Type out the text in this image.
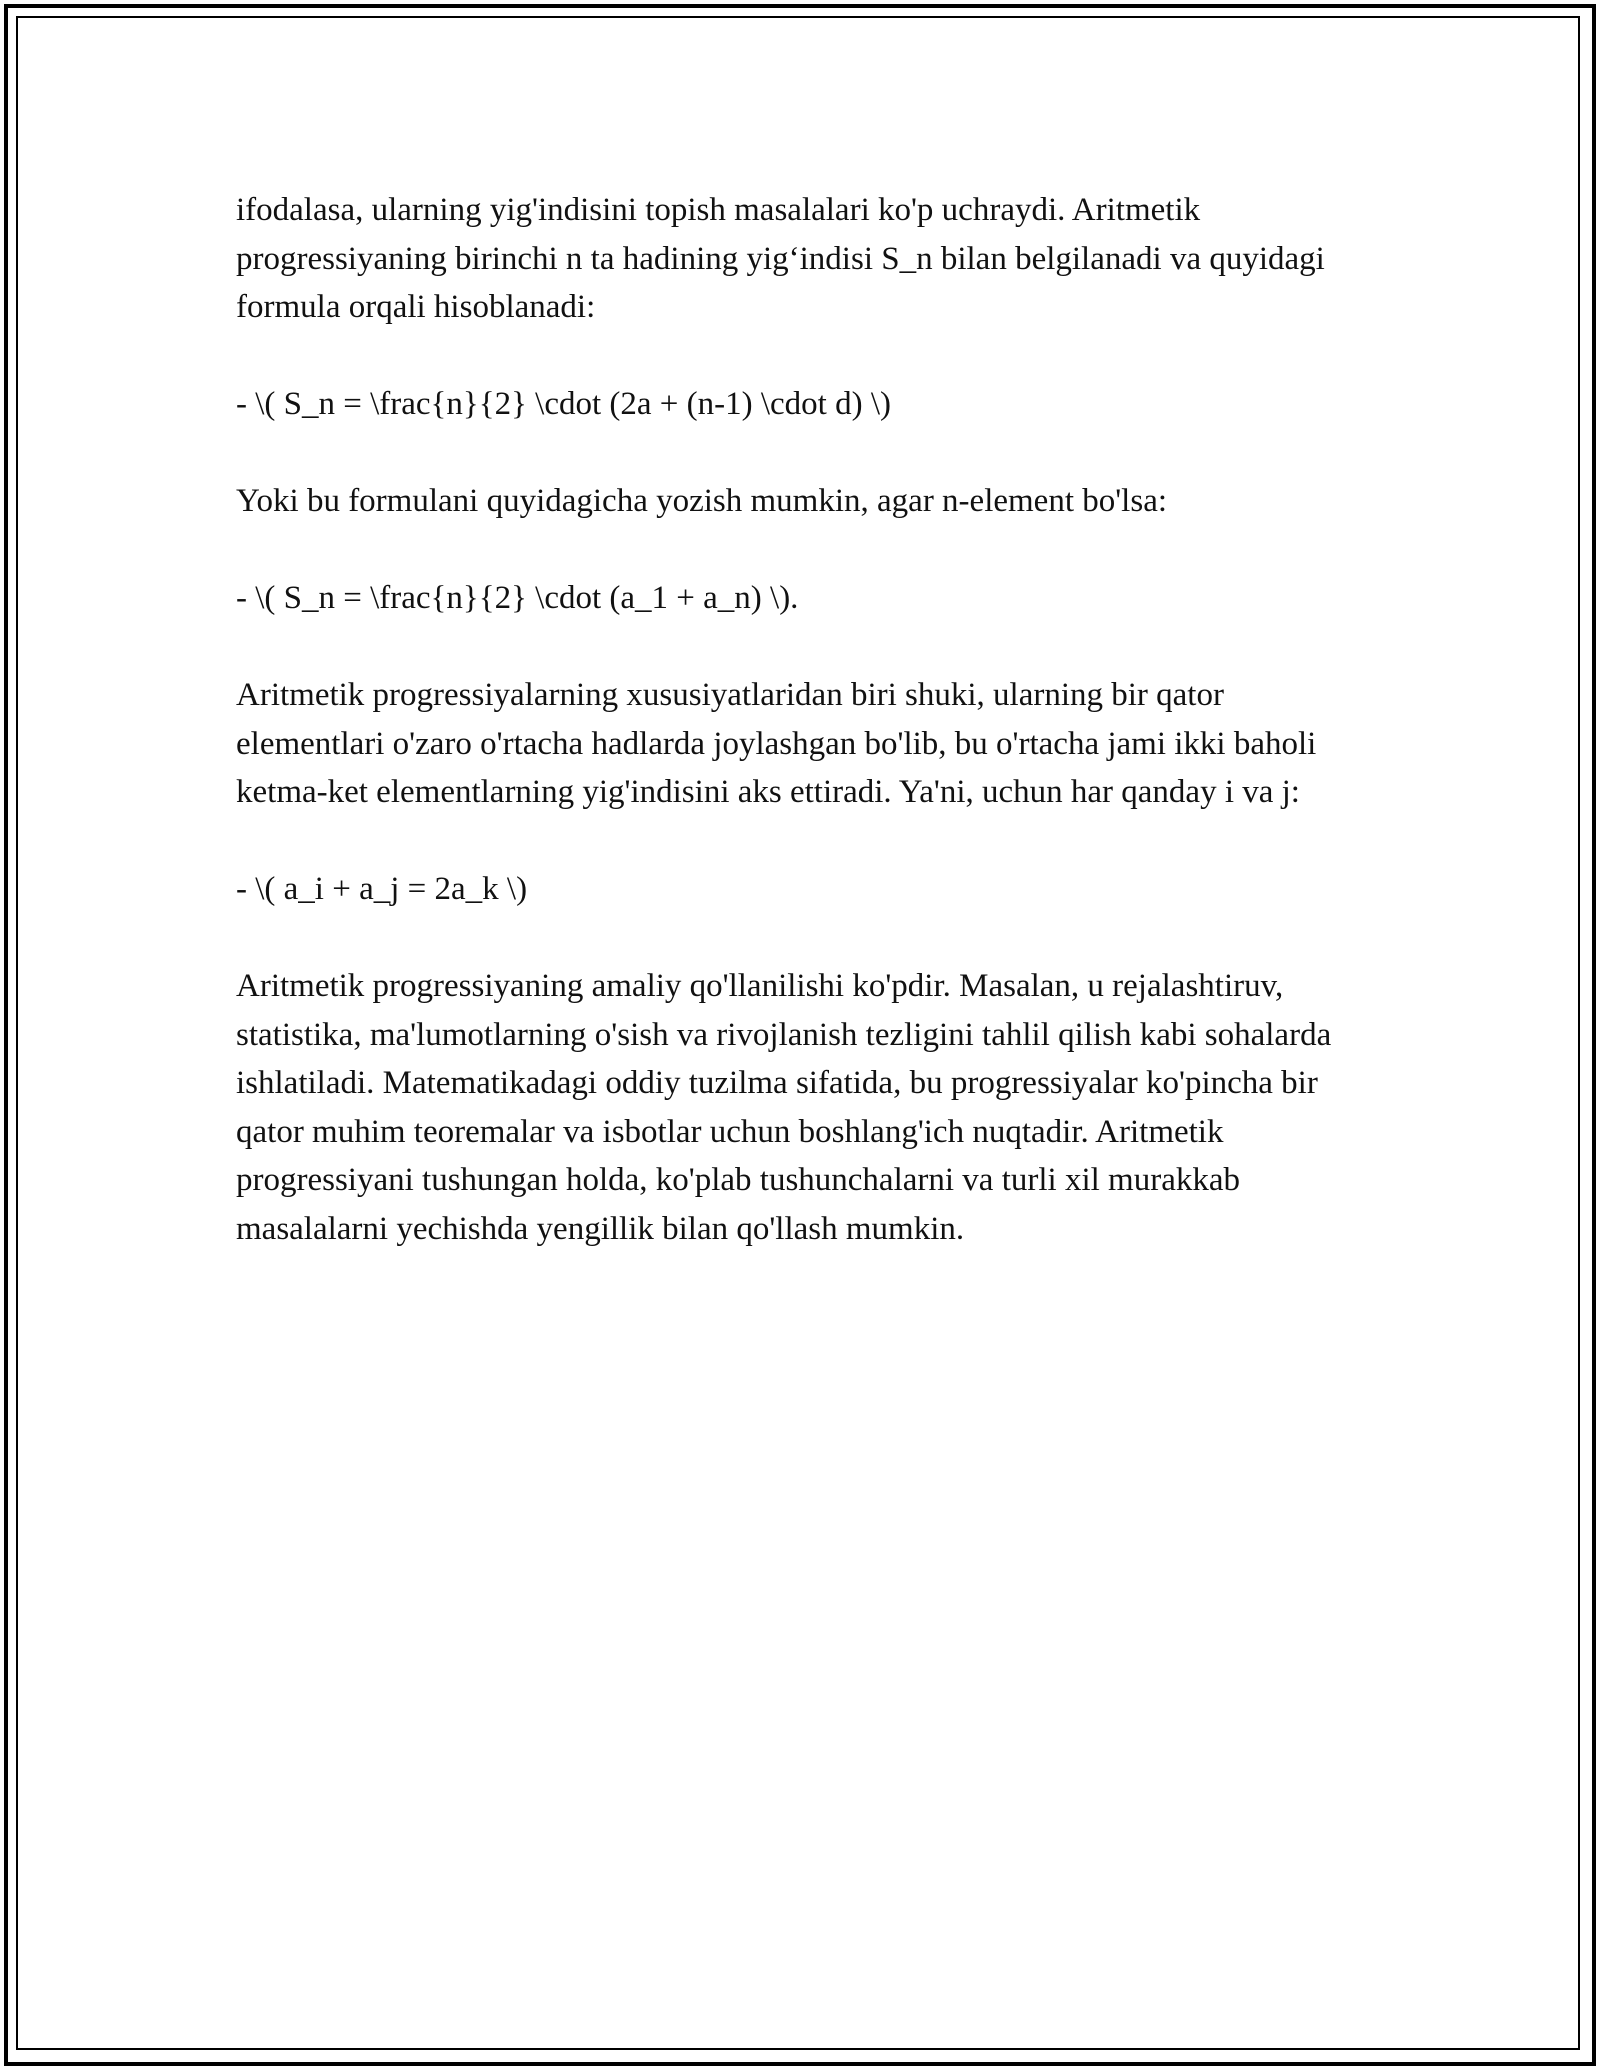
ifodalasa, ularning yig'indisini topish masalalari ko'p uchraydi. Aritmetik progressiyaning birinchi n ta hadining yig‘indisi S_n bilan belgilanadi va quyidagi formula orqali hisoblanadi:

- \( S_n = \frac{n}{2} \cdot (2a + (n-1) \cdot d) \)

Yoki bu formulani quyidagicha yozish mumkin, agar n-element bo'lsa:

- \( S_n = \frac{n}{2} \cdot (a_1 + a_n) \).

Aritmetik progressiyalarning xususiyatlaridan biri shuki, ularning bir qator elementlari o'zaro o'rtacha hadlarda joylashgan bo'lib, bu o'rtacha jami ikki baholi ketma-ket elementlarning yig'indisini aks ettiradi. Ya'ni, uchun har qanday i va j:

- \( a_i + a_j = 2a_k \)

Aritmetik progressiyaning amaliy qo'llanilishi ko'pdir. Masalan, u rejalashtiruv, statistika, ma'lumotlarning o'sish va rivojlanish tezligini tahlil qilish kabi sohalarda ishlatiladi. Matematikadagi oddiy tuzilma sifatida, bu progressiyalar ko'pincha bir qator muhim teoremalar va isbotlar uchun boshlang'ich nuqtadir. Aritmetik progressiyani tushungan holda, ko'plab tushunchalarni va turli xil murakkab masalalarni yechishda yengillik bilan qo'llash mumkin.
